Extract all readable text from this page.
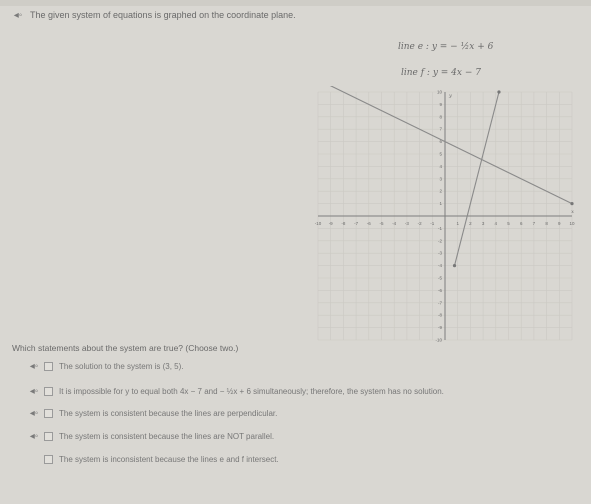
◂◦ The given system of equations is graphed on the coordinate plane.
line e : y = − ½x + 6
line f : y = 4x − 7
-10 -9 -8 -7 -6 -5 -4 -3 -2 -1	1 2 3 4 5 6 7 8 9 10
10
9
8
7
6
5
4
3
2
1
-1
-2
-3
-4
-5
-6
-7
-8
-9
-10
x
y
Which statements about the system are true? (Choose two.)
◂◦	The solution to the system is (3, 5).
◂◦	It is impossible for y to equal both 4x − 7 and − ½x + 6 simultaneously; therefore, the system has no solution.
◂◦	The system is consistent because the lines are perpendicular.
◂◦	The system is consistent because the lines are NOT parallel.
The system is inconsistent because the lines e and f intersect.
